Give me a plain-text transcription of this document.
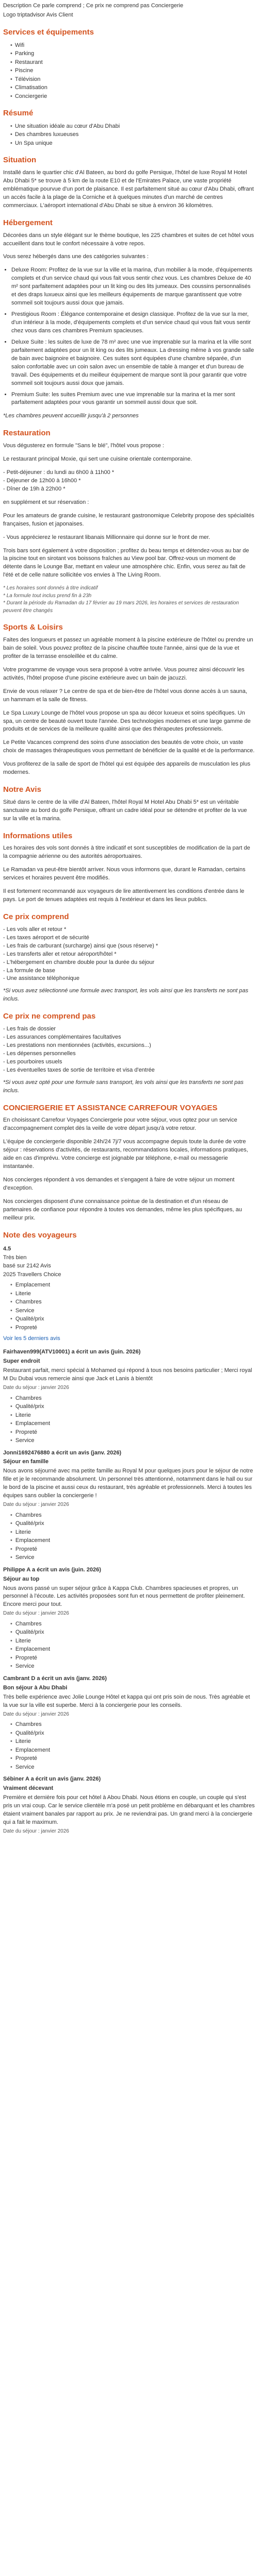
Description Ce parle comprend ; Ce prix ne comprend pas Conciergerie

Logo triptadvisor Avis Client

Services et équipements
• Wifi
• Parking
• Restaurant
• Piscine
• Télévision
• Climatisation
• Conciergerie
Résumé
• Une situation idéale au cœur d'Abu Dhabi
• Des chambres luxueuses
• Un Spa unique
Situation

Installé dans le quartier chic d'Al Bateen, au bord du golfe Persique, l'hôtel de luxe Royal M Hotel Abu Dhabi 5* se trouve à 5 km de la route E10 et de l'Emirates Palace, une vaste propriété emblématique pourvue d'un port de plaisance. Il est parfaitement situé au cœur d'Abu Dhabi, offrant un accès facile à la plage de la Corniche et à quelques minutes d'un marché de centres commerciaux. L'aéroport international d'Abu Dhabi se situe à environ 36 kilomètres.

Hébergement

Décorées dans un style élégant sur le thème boutique, les 225 chambres et suites de cet hôtel vous accueillent dans tout le confort nécessaire à votre repos.

Vous serez hébergés dans une des catégories suivantes :

• Deluxe Room: Profitez de la vue sur la ville et la marina, d'un mobilier à la mode, d'équipements complets et d'un service chaud qui vous fait vous sentir chez vous. Les chambres Deluxe de 40 m² sont parfaitement adaptées pour un lit king ou des lits jumeaux. Des coussins personnalisés et des draps luxueux ainsi que les meilleurs équipements de marque garantissent que votre sommeil soit toujours aussi doux que jamais.
• Prestigious Room : Élégance contemporaine et design classique. Profitez de la vue sur la mer, d'un intérieur à la mode, d'équipements complets et d'un service chaud qui vous fait vous sentir chez vous dans ces chambres Premium spacieuses.
• Deluxe Suite : les suites de luxe de 78 m² avec une vue imprenable sur la marina et la ville sont parfaitement adaptées pour un lit king ou des lits jumeaux. La dressing même à vos grande salle de bain avec baignoire et baignoire. Ces suites sont équipées d'une chambre séparée, d'un salon confortable avec un coin salon avec un ensemble de table à manger et d'un bureau de travail. Des équipements et du meilleur équipement de marque sont là pour garantir que votre sommeil soit toujours aussi doux que jamais.
• Premium Suite: les suites Premium avec une vue imprenable sur la marina et la mer sont parfaitement adaptées pour vous garantir un sommeil aussi doux que soit.

*Les chambres peuvent accueillir jusqu'à 2 personnes

Restauration

Vous dégusterez en formule "Sans le blé", l'hôtel vous propose :

Le restaurant principal Moxie, qui sert une cuisine orientale contemporaine.

- Petit-déjeuner : du lundi au 6h00 à 11h00 *
- Déjeuner de 12h00 à 16h00 *
- Dîner de 19h à 22h00 *

en supplément et sur réservation :

Pour les amateurs de grande cuisine, le restaurant gastronomique Celebrity propose des spécialités françaises, fusion et japonaises.

- Vous apprécierez le restaurant libanais Millionnaire qui donne sur le front de mer.

Trois bars sont également à votre disposition ; profitez du beau temps et détendez-vous au bar de la piscine tout en sirotant vos boissons fraîches au View pool bar. Offrez-vous un moment de détente dans le Lounge Bar, mettant en valeur une atmosphère chic. Enfin, vous serez au fait de l'été et de celle nature sollicitée vos envies à The Living Room.

* Les horaires sont donnés à titre indicatif

* La formule tout inclus prend fin à 23h

* Durant la période du Ramadan du 17 février au 19 mars 2026, les horaires et services de restauration peuvent être changés

Sports & Loisirs

Faites des longueurs et passez un agréable moment à la piscine extérieure de l'hôtel ou prendre un bain de soleil. Vous pouvez profitez de la piscine chauffée toute l'année, ainsi que de la vue et profiter de la terrasse ensoleillée et du calme.

Votre programme de voyage vous sera proposé à votre arrivée. Vous pourrez ainsi découvrir les activités, l'hôtel propose d'une piscine extérieure avec un bain de jacuzzi.

Envie de vous relaxer ? Le centre de spa et de bien-être de l'hôtel vous donne accès à un sauna, un hammam et la salle de fitness.

Le Spa Luxury Lounge de l'hôtel vous propose un spa au décor luxueux et soins spécifiques. Un spa, un centre de beauté ouvert toute l'année. Des technologies modernes et une large gamme de produits et de services de la meilleure qualité ainsi que des thérapeutes professionnels.

Le Petite Vacances comprend des soins d'une association des beautés de votre choix, un vaste choix de massages thérapeutiques vous permettant de bénéficier de la qualité et de la performance.

Vous profiterez de la salle de sport de l'hôtel qui est équipée des appareils de musculation les plus modernes.

Notre Avis

Situé dans le centre de la ville d'Al Bateen, l'hôtel Royal M Hotel Abu Dhabi 5* est un véritable sanctuaire au bord du golfe Persique, offrant un cadre idéal pour se détendre et profiter de la vue sur la ville et la marina.

Informations utiles

Les horaires des vols sont donnés à titre indicatif et sont susceptibles de modification de la part de la compagnie aérienne ou des autorités aéroportuaires.

Le Ramadan va peut-être bientôt arriver. Nous vous informons que, durant le Ramadan, certains services et horaires peuvent être modifiés.

Il est fortement recommandé aux voyageurs de lire attentivement les conditions d'entrée dans le pays. Le port de tenues adaptées est requis à l'extérieur et dans les lieux publics.

Ce prix comprend
- Les vols aller et retour *
- Les taxes aéroport et de sécurité
- Les frais de carburant (surcharge) ainsi que (sous réserve) *
- Les transferts aller et retour aéroport/hôtel *
- L'hébergement en chambre double pour la durée du séjour
- La formule de base
- Une assistance téléphonique

*Si vous avez sélectionné une formule avec transport, les vols ainsi que les transferts ne sont pas inclus.

Ce prix ne comprend pas
- Les frais de dossier
- Les assurances complémentaires facultatives
- Les prestations non mentionnées (activités, excursions...)
- Les dépenses personnelles
- Les pourboires usuels
- Les éventuelles taxes de sortie de territoire et visa d'entrée

*Si vous avez opté pour une formule sans transport, les vols ainsi que les transferts ne sont pas inclus.

CONCIERGERIE ET ASSISTANCE CARREFOUR VOYAGES

En choisissant Carrefour Voyages Conciergerie pour votre séjour, vous optez pour un service d'accompagnement complet dès la veille de votre départ jusqu'à votre retour.

L'équipe de conciergerie disponible 24h/24 7j/7 vous accompagne depuis toute la durée de votre séjour : réservations d'activités, de restaurants, recommandations locales, informations pratiques, aide en cas d'imprévu. Votre concierge est joignable par téléphone, e-mail ou messagerie instantanée.

Nos concierges répondent à vos demandes et s'engagent à faire de votre séjour un moment d'exception.

Nos concierges disposent d'une connaissance pointue de la destination et d'un réseau de partenaires de confiance pour répondre à toutes vos demandes, même les plus spécifiques, au meilleur prix.

Note des voyageurs
4.5
Très bien
basé sur 2142 Avis
2025 Travellers Choice
• Emplacement
• Literie
• Chambres
• Service
• Qualité/prix
• Propreté

Voir les 5 derniers avis

Fairhaven999(ATV10001) a écrit un avis (juin. 2026)

Super endroit

Restaurant parfait, merci spécial à Mohamed qui répond à tous nos besoins particulier ; Merci royal M Du Dubai vous remercie ainsi que Jack et Lanis à bientôt

Date du séjour : janvier 2026

• Chambres
• Qualité/prix
• Literie
• Emplacement
• Propreté
• Service

Jonni1692476880 a écrit un avis (janv. 2026)

Séjour en famille

Nous avons séjourné avec ma petite famille au Royal M pour quelques jours pour le séjour de notre fille et je le recommande absolument. Un personnel très attentionné, notamment dans le hall ou sur le bord de la piscine et aussi ceux du restaurant, très agréable et professionnels. Merci à toutes les équipes sans oublier la conciergerie !

Date du séjour : janvier 2026

• Chambres
• Qualité/prix
• Literie
• Emplacement
• Propreté
• Service

Philippe A a écrit un avis (juin. 2026)

Séjour au top

Nous avons passé un super séjour grâce à Kappa Club. Chambres spacieuses et propres, un personnel à l'écoute. Les activités proposées sont fun et nous permettent de profiter pleinement. Encore merci pour tout.

Date du séjour : janvier 2026

• Chambres
• Qualité/prix
• Literie
• Emplacement
• Propreté
• Service

Cambrant D a écrit un avis (janv. 2026)

Bon séjour à Abu Dhabi

Très belle expérience avec Jolie Lounge Hôtel et kappa qui ont pris soin de nous. Très agréable et la vue sur la ville est superbe. Merci à la conciergerie pour les conseils.

Date du séjour : janvier 2026

• Chambres
• Qualité/prix
• Literie
• Emplacement
• Propreté
• Service

Sébiner A a écrit un avis (janv. 2026)

Vraiment décevant

Première et dernière fois pour cet hôtel à Abou Dhabi. Nous étions en couple, un couple qui s'est pris un vrai coup. Car le service clientèle m'a posé un petit problème en débarquant et les chambres étaient vraiment banales par rapport au prix. Je ne reviendrai pas. Un grand merci à la conciergerie qui a fait le maximum.

Date du séjour : janvier 2026
